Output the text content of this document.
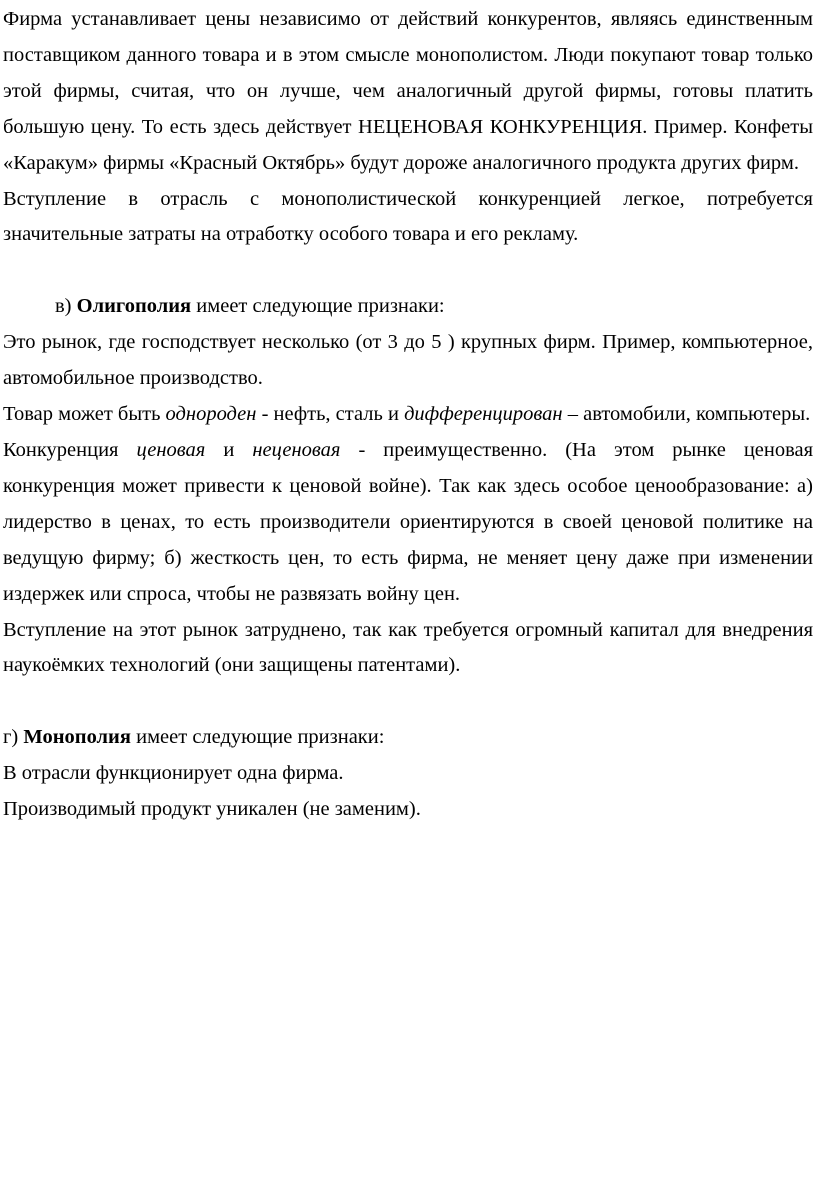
Фирма устанавливает цены независимо от действий конкурентов, являясь единственным поставщиком данного товара и в этом смысле монополистом. Люди покупают товар только этой фирмы, считая, что он лучше, чем аналогичный другой фирмы, готовы платить большую цену. То есть здесь действует НЕЦЕНОВАЯ КОНКУРЕНЦИЯ. Пример. Конфеты «Каракум» фирмы «Красный Октябрь» будут дороже аналогичного продукта других фирм.

Вступление в отрасль с монополистической конкуренцией легкое, потребуется значительные затраты на отработку особого товара и его рекламу.

в) Олигополия имеет следующие признаки:

Это рынок, где господствует несколько (от 3 до 5 ) крупных фирм. Пример, компьютерное, автомобильное производство.

Товар может быть однороден - нефть, сталь и дифференцирован – автомобили, компьютеры.

Конкуренция ценовая и неценовая - преимущественно. (На этом рынке ценовая конкуренция может привести к ценовой войне). Так как здесь особое ценообразование: а) лидерство в ценах, то есть производители ориентируются в своей ценовой политике на ведущую фирму; б) жесткость цен, то есть фирма, не меняет цену даже при изменении издержек или спроса, чтобы не развязать войну цен.

Вступление на этот рынок затруднено, так как требуется огромный капитал для внедрения наукоёмких технологий (они защищены патентами).

г) Монополия имеет следующие признаки:

В отрасли функционирует одна фирма.

Производимый продукт уникален (не заменим).
